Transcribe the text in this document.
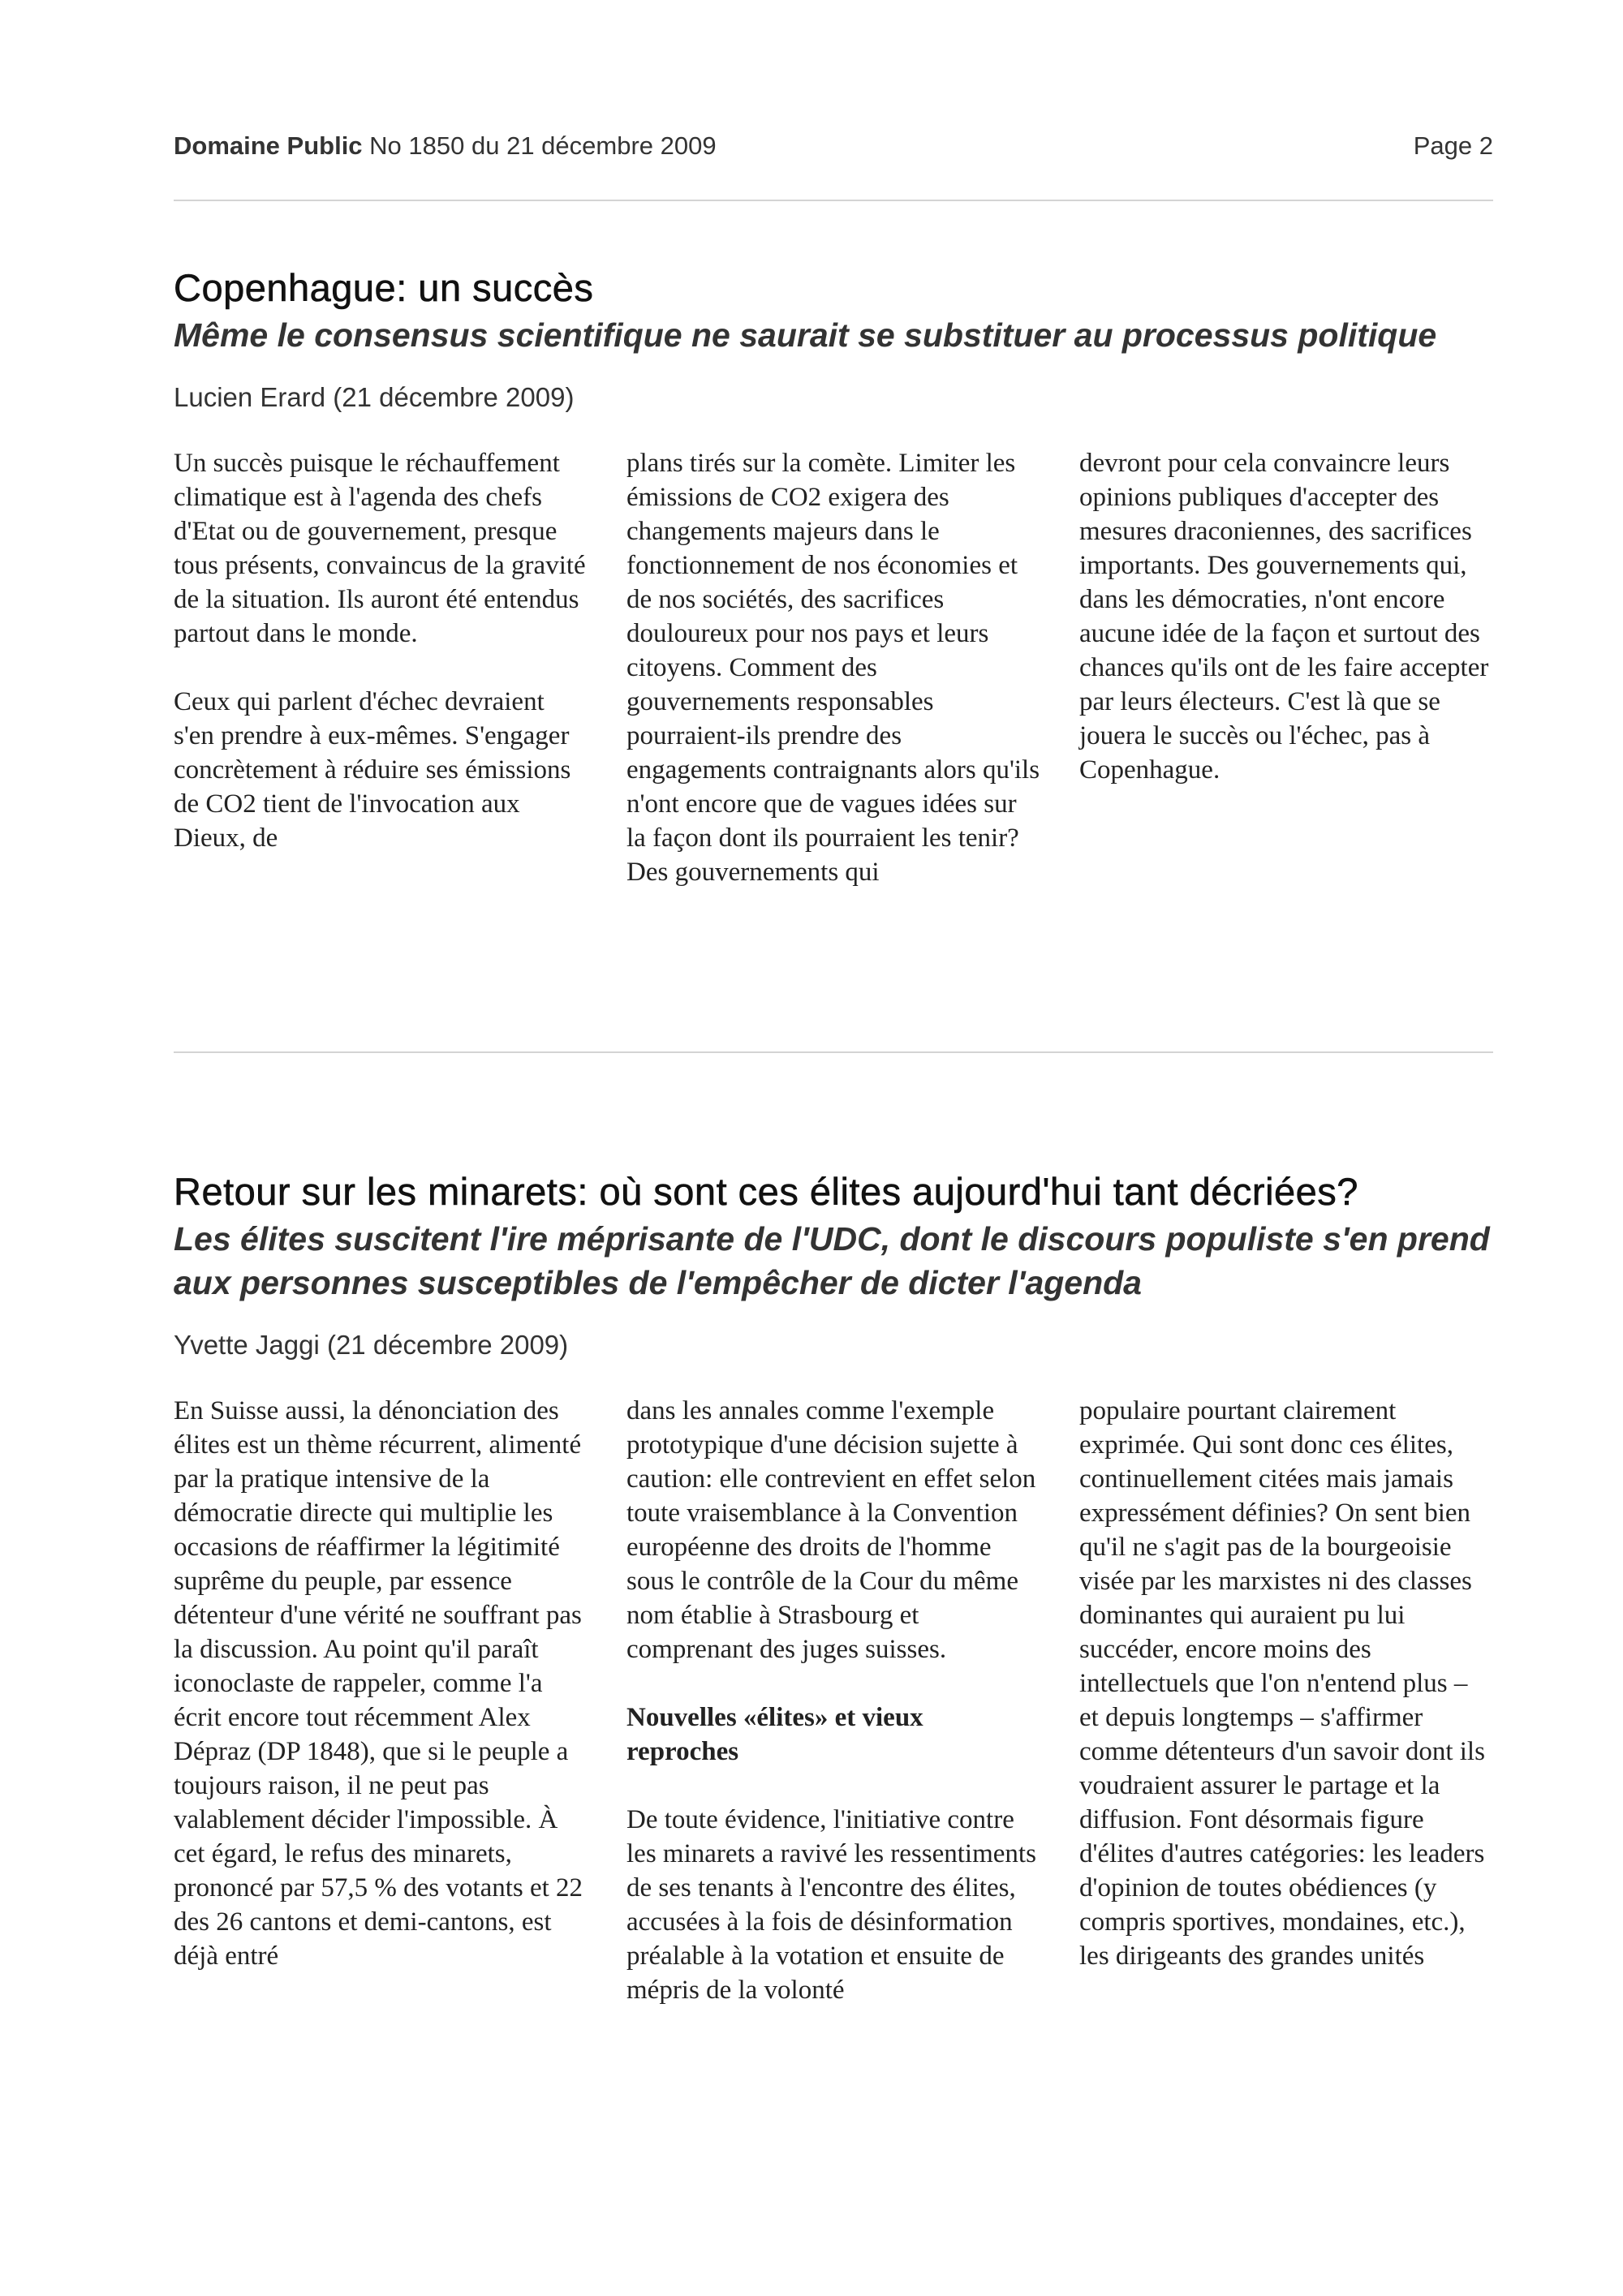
Domaine Public No 1850 du 21 décembre 2009	Page 2
Copenhague: un succès
Même le consensus scientifique ne saurait se substituer au processus politique
Lucien Erard (21 décembre 2009)

Un succès puisque le réchauffement climatique est à l'agenda des chefs d'Etat ou de gouvernement, presque tous présents, convaincus de la gravité de la situation. Ils auront été entendus partout dans le monde.

Ceux qui parlent d'échec devraient s'en prendre à eux-mêmes. S'engager concrètement à réduire ses émissions de CO2 tient de l'invocation aux Dieux, de

plans tirés sur la comète. Limiter les émissions de CO2 exigera des changements majeurs dans le fonctionnement de nos économies et de nos sociétés, des sacrifices douloureux pour nos pays et leurs citoyens. Comment des gouvernements responsables pourraient-ils prendre des engagements contraignants alors qu'ils n'ont encore que de vagues idées sur la façon dont ils pourraient les tenir? Des gouvernements qui

devront pour cela convaincre leurs opinions publiques d'accepter des mesures draconiennes, des sacrifices importants. Des gouvernements qui, dans les démocraties, n'ont encore aucune idée de la façon et surtout des chances qu'ils ont de les faire accepter par leurs électeurs. C'est là que se jouera le succès ou l'échec, pas à Copenhague.

Retour sur les minarets: où sont ces élites aujourd'hui tant décriées?
Les élites suscitent l'ire méprisante de l'UDC, dont le discours populiste s'en prend aux personnes susceptibles de l'empêcher de dicter l'agenda
Yvette Jaggi (21 décembre 2009)

En Suisse aussi, la dénonciation des élites est un thème récurrent, alimenté par la pratique intensive de la démocratie directe qui multiplie les occasions de réaffirmer la légitimité suprême du peuple, par essence détenteur d'une vérité ne souffrant pas la discussion. Au point qu'il paraît iconoclaste de rappeler, comme l'a écrit encore tout récemment Alex Dépraz (DP 1848), que si le peuple a toujours raison, il ne peut pas valablement décider l'impossible. À cet égard, le refus des minarets, prononcé par 57,5 % des votants et 22 des 26 cantons et demi-cantons, est déjà entré

dans les annales comme l'exemple prototypique d'une décision sujette à caution: elle contrevient en effet selon toute vraisemblance à la Convention européenne des droits de l'homme sous le contrôle de la Cour du même nom établie à Strasbourg et comprenant des juges suisses.

Nouvelles «élites» et vieux reproches

De toute évidence, l'initiative contre les minarets a ravivé les ressentiments de ses tenants à l'encontre des élites, accusées à la fois de désinformation préalable à la votation et ensuite de mépris de la volonté

populaire pourtant clairement exprimée. Qui sont donc ces élites, continuellement citées mais jamais expressément définies? On sent bien qu'il ne s'agit pas de la bourgeoisie visée par les marxistes ni des classes dominantes qui auraient pu lui succéder, encore moins des intellectuels que l'on n'entend plus – et depuis longtemps – s'affirmer comme détenteurs d'un savoir dont ils voudraient assurer le partage et la diffusion. Font désormais figure d'élites d'autres catégories: les leaders d'opinion de toutes obédiences (y compris sportives, mondaines, etc.), les dirigeants des grandes unités
